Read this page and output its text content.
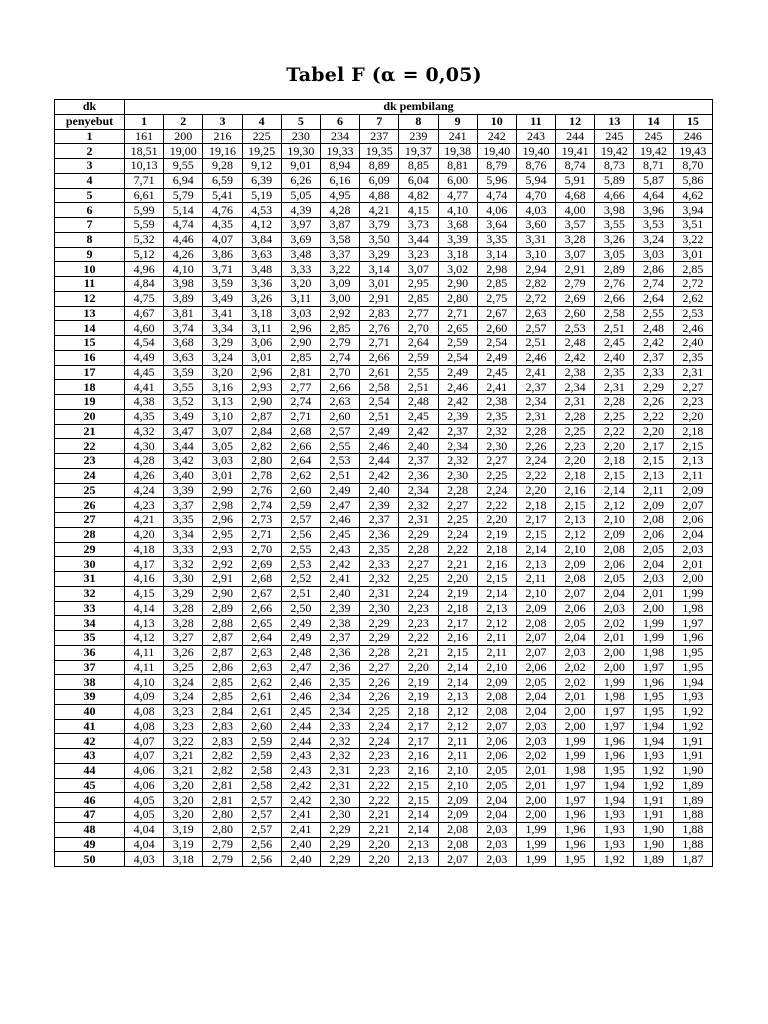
Tabel F (α = 0,05)
dk	dk pembilang														
penyebut	1	2	3	4	5	6	7	8	9	10	11	12	13	14	15
1	161	200	216	225	230	234	237	239	241	242	243	244	245	245	246
2	18,51	19,00	19,16	19,25	19,30	19,33	19,35	19,37	19,38	19,40	19,40	19,41	19,42	19,42	19,43
3	10,13	9,55	9,28	9,12	9,01	8,94	8,89	8,85	8,81	8,79	8,76	8,74	8,73	8,71	8,70
4	7,71	6,94	6,59	6,39	6,26	6,16	6,09	6,04	6,00	5,96	5,94	5,91	5,89	5,87	5,86
5	6,61	5,79	5,41	5,19	5,05	4,95	4,88	4,82	4,77	4,74	4,70	4,68	4,66	4,64	4,62
6	5,99	5,14	4,76	4,53	4,39	4,28	4,21	4,15	4,10	4,06	4,03	4,00	3,98	3,96	3,94
7	5,59	4,74	4,35	4,12	3,97	3,87	3,79	3,73	3,68	3,64	3,60	3,57	3,55	3,53	3,51
8	5,32	4,46	4,07	3,84	3,69	3,58	3,50	3,44	3,39	3,35	3,31	3,28	3,26	3,24	3,22
9	5,12	4,26	3,86	3,63	3,48	3,37	3,29	3,23	3,18	3,14	3,10	3,07	3,05	3,03	3,01
10	4,96	4,10	3,71	3,48	3,33	3,22	3,14	3,07	3,02	2,98	2,94	2,91	2,89	2,86	2,85
11	4,84	3,98	3,59	3,36	3,20	3,09	3,01	2,95	2,90	2,85	2,82	2,79	2,76	2,74	2,72
12	4,75	3,89	3,49	3,26	3,11	3,00	2,91	2,85	2,80	2,75	2,72	2,69	2,66	2,64	2,62
13	4,67	3,81	3,41	3,18	3,03	2,92	2,83	2,77	2,71	2,67	2,63	2,60	2,58	2,55	2,53
14	4,60	3,74	3,34	3,11	2,96	2,85	2,76	2,70	2,65	2,60	2,57	2,53	2,51	2,48	2,46
15	4,54	3,68	3,29	3,06	2,90	2,79	2,71	2,64	2,59	2,54	2,51	2,48	2,45	2,42	2,40
16	4,49	3,63	3,24	3,01	2,85	2,74	2,66	2,59	2,54	2,49	2,46	2,42	2,40	2,37	2,35
17	4,45	3,59	3,20	2,96	2,81	2,70	2,61	2,55	2,49	2,45	2,41	2,38	2,35	2,33	2,31
18	4,41	3,55	3,16	2,93	2,77	2,66	2,58	2,51	2,46	2,41	2,37	2,34	2,31	2,29	2,27
19	4,38	3,52	3,13	2,90	2,74	2,63	2,54	2,48	2,42	2,38	2,34	2,31	2,28	2,26	2,23
20	4,35	3,49	3,10	2,87	2,71	2,60	2,51	2,45	2,39	2,35	2,31	2,28	2,25	2,22	2,20
21	4,32	3,47	3,07	2,84	2,68	2,57	2,49	2,42	2,37	2,32	2,28	2,25	2,22	2,20	2,18
22	4,30	3,44	3,05	2,82	2,66	2,55	2,46	2,40	2,34	2,30	2,26	2,23	2,20	2,17	2,15
23	4,28	3,42	3,03	2,80	2,64	2,53	2,44	2,37	2,32	2,27	2,24	2,20	2,18	2,15	2,13
24	4,26	3,40	3,01	2,78	2,62	2,51	2,42	2,36	2,30	2,25	2,22	2,18	2,15	2,13	2,11
25	4,24	3,39	2,99	2,76	2,60	2,49	2,40	2,34	2,28	2,24	2,20	2,16	2,14	2,11	2,09
26	4,23	3,37	2,98	2,74	2,59	2,47	2,39	2,32	2,27	2,22	2,18	2,15	2,12	2,09	2,07
27	4,21	3,35	2,96	2,73	2,57	2,46	2,37	2,31	2,25	2,20	2,17	2,13	2,10	2,08	2,06
28	4,20	3,34	2,95	2,71	2,56	2,45	2,36	2,29	2,24	2,19	2,15	2,12	2,09	2,06	2,04
29	4,18	3,33	2,93	2,70	2,55	2,43	2,35	2,28	2,22	2,18	2,14	2,10	2,08	2,05	2,03
30	4,17	3,32	2,92	2,69	2,53	2,42	2,33	2,27	2,21	2,16	2,13	2,09	2,06	2,04	2,01
31	4,16	3,30	2,91	2,68	2,52	2,41	2,32	2,25	2,20	2,15	2,11	2,08	2,05	2,03	2,00
32	4,15	3,29	2,90	2,67	2,51	2,40	2,31	2,24	2,19	2,14	2,10	2,07	2,04	2,01	1,99
33	4,14	3,28	2,89	2,66	2,50	2,39	2,30	2,23	2,18	2,13	2,09	2,06	2,03	2,00	1,98
34	4,13	3,28	2,88	2,65	2,49	2,38	2,29	2,23	2,17	2,12	2,08	2,05	2,02	1,99	1,97
35	4,12	3,27	2,87	2,64	2,49	2,37	2,29	2,22	2,16	2,11	2,07	2,04	2,01	1,99	1,96
36	4,11	3,26	2,87	2,63	2,48	2,36	2,28	2,21	2,15	2,11	2,07	2,03	2,00	1,98	1,95
37	4,11	3,25	2,86	2,63	2,47	2,36	2,27	2,20	2,14	2,10	2,06	2,02	2,00	1,97	1,95
38	4,10	3,24	2,85	2,62	2,46	2,35	2,26	2,19	2,14	2,09	2,05	2,02	1,99	1,96	1,94
39	4,09	3,24	2,85	2,61	2,46	2,34	2,26	2,19	2,13	2,08	2,04	2,01	1,98	1,95	1,93
40	4,08	3,23	2,84	2,61	2,45	2,34	2,25	2,18	2,12	2,08	2,04	2,00	1,97	1,95	1,92
41	4,08	3,23	2,83	2,60	2,44	2,33	2,24	2,17	2,12	2,07	2,03	2,00	1,97	1,94	1,92
42	4,07	3,22	2,83	2,59	2,44	2,32	2,24	2,17	2,11	2,06	2,03	1,99	1,96	1,94	1,91
43	4,07	3,21	2,82	2,59	2,43	2,32	2,23	2,16	2,11	2,06	2,02	1,99	1,96	1,93	1,91
44	4,06	3,21	2,82	2,58	2,43	2,31	2,23	2,16	2,10	2,05	2,01	1,98	1,95	1,92	1,90
45	4,06	3,20	2,81	2,58	2,42	2,31	2,22	2,15	2,10	2,05	2,01	1,97	1,94	1,92	1,89
46	4,05	3,20	2,81	2,57	2,42	2,30	2,22	2,15	2,09	2,04	2,00	1,97	1,94	1,91	1,89
47	4,05	3,20	2,80	2,57	2,41	2,30	2,21	2,14	2,09	2,04	2,00	1,96	1,93	1,91	1,88
48	4,04	3,19	2,80	2,57	2,41	2,29	2,21	2,14	2,08	2,03	1,99	1,96	1,93	1,90	1,88
49	4,04	3,19	2,79	2,56	2,40	2,29	2,20	2,13	2,08	2,03	1,99	1,96	1,93	1,90	1,88
50	4,03	3,18	2,79	2,56	2,40	2,29	2,20	2,13	2,07	2,03	1,99	1,95	1,92	1,89	1,87
